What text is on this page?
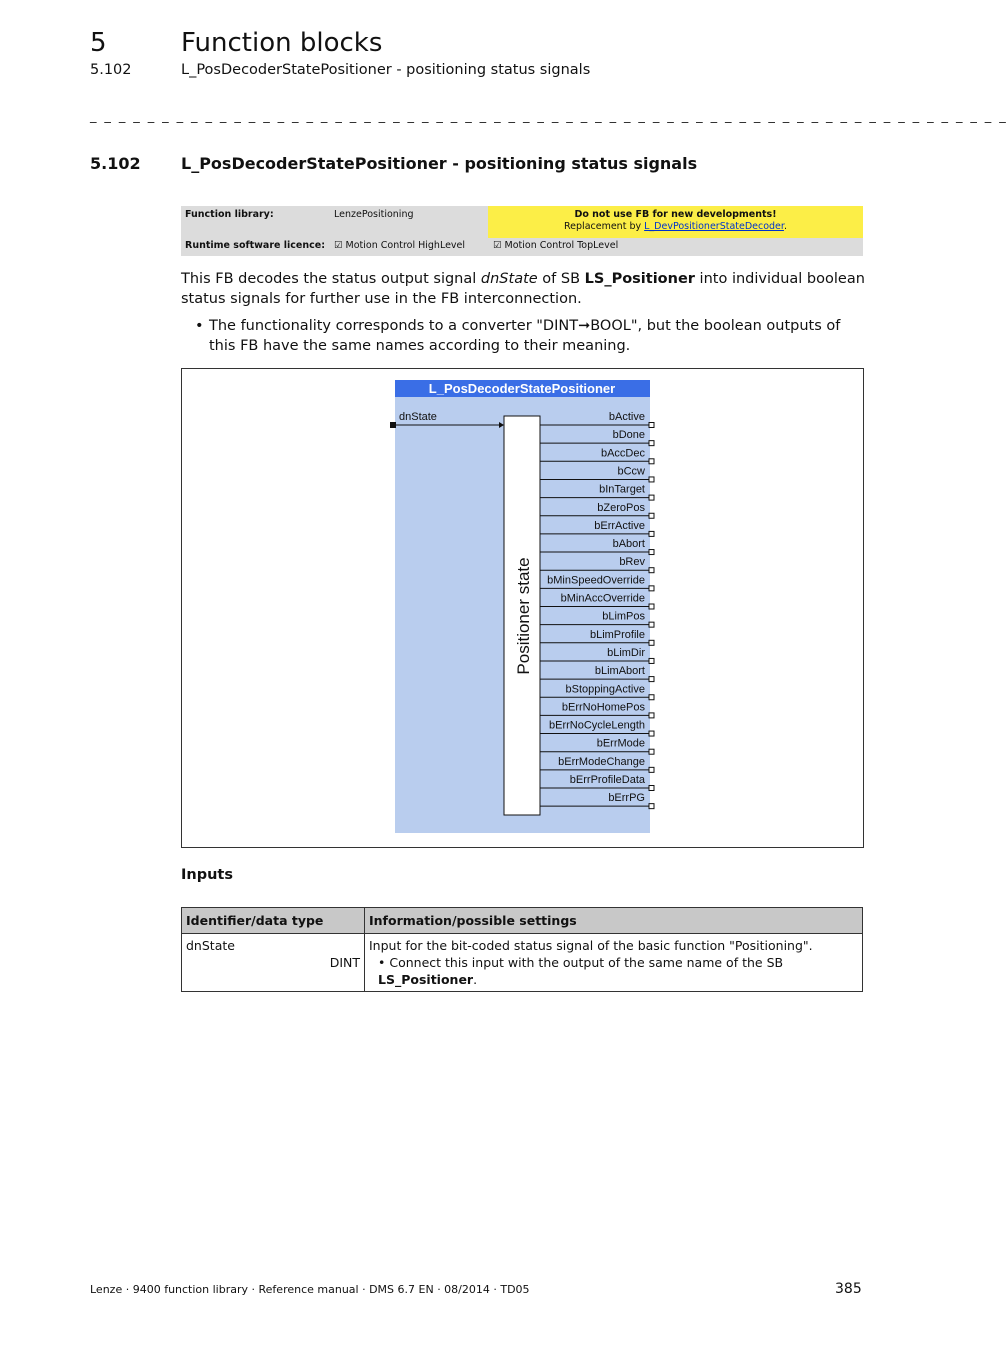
5	Function blocks
5.102	L_PosDecoderStatePositioner - positioning status signals
_ _ _ _ _ _ _ _ _ _ _ _ _ _ _ _ _ _ _ _ _ _ _ _ _ _ _ _ _ _ _ _ _ _ _ _ _ _ _ _ _ _ _ _ _ _ _ _ _ _ _ _ _ _ _ _ _ _ _ _ _ _ _ _
5.102	L_PosDecoderStatePositioner - positioning status signals
Function library:	LenzePositioning	Do not use FB for new developments!
Replacement by L_DevPositionerStateDecoder.
Runtime software licence: ☑ Motion Control HighLevel	☑ Motion Control TopLevel
This FB decodes the status output signal dnState of SB LS_Positioner into individual boolean status signals for further use in the FB interconnection.
• The functionality corresponds to a converter "DINT➞BOOL", but the boolean outputs of this FB have the same names according to their meaning.
L_PosDecoderStatePositioner
Positioner state
dnState	bActive
bDone
bAccDec
bCcw
bInTarget
bZeroPos
bErrActive
bAbort
bRev
bMinSpeedOverride
bMinAccOverride
bLimPos
bLimProfile
bLimDir
bLimAbort
bStoppingActive
bErrNoHomePos
bErrNoCycleLength
bErrMode
bErrModeChange
bErrProfileData
bErrPG
Inputs
Identifier/data type	Information/possible settings
dnState
DINT	Input for the bit-coded status signal of the basic function "Positioning".
• Connect this input with the output of the same name of the SB LS_Positioner.
Lenze · 9400 function library · Reference manual · DMS 6.7 EN · 08/2014 · TD05	385
